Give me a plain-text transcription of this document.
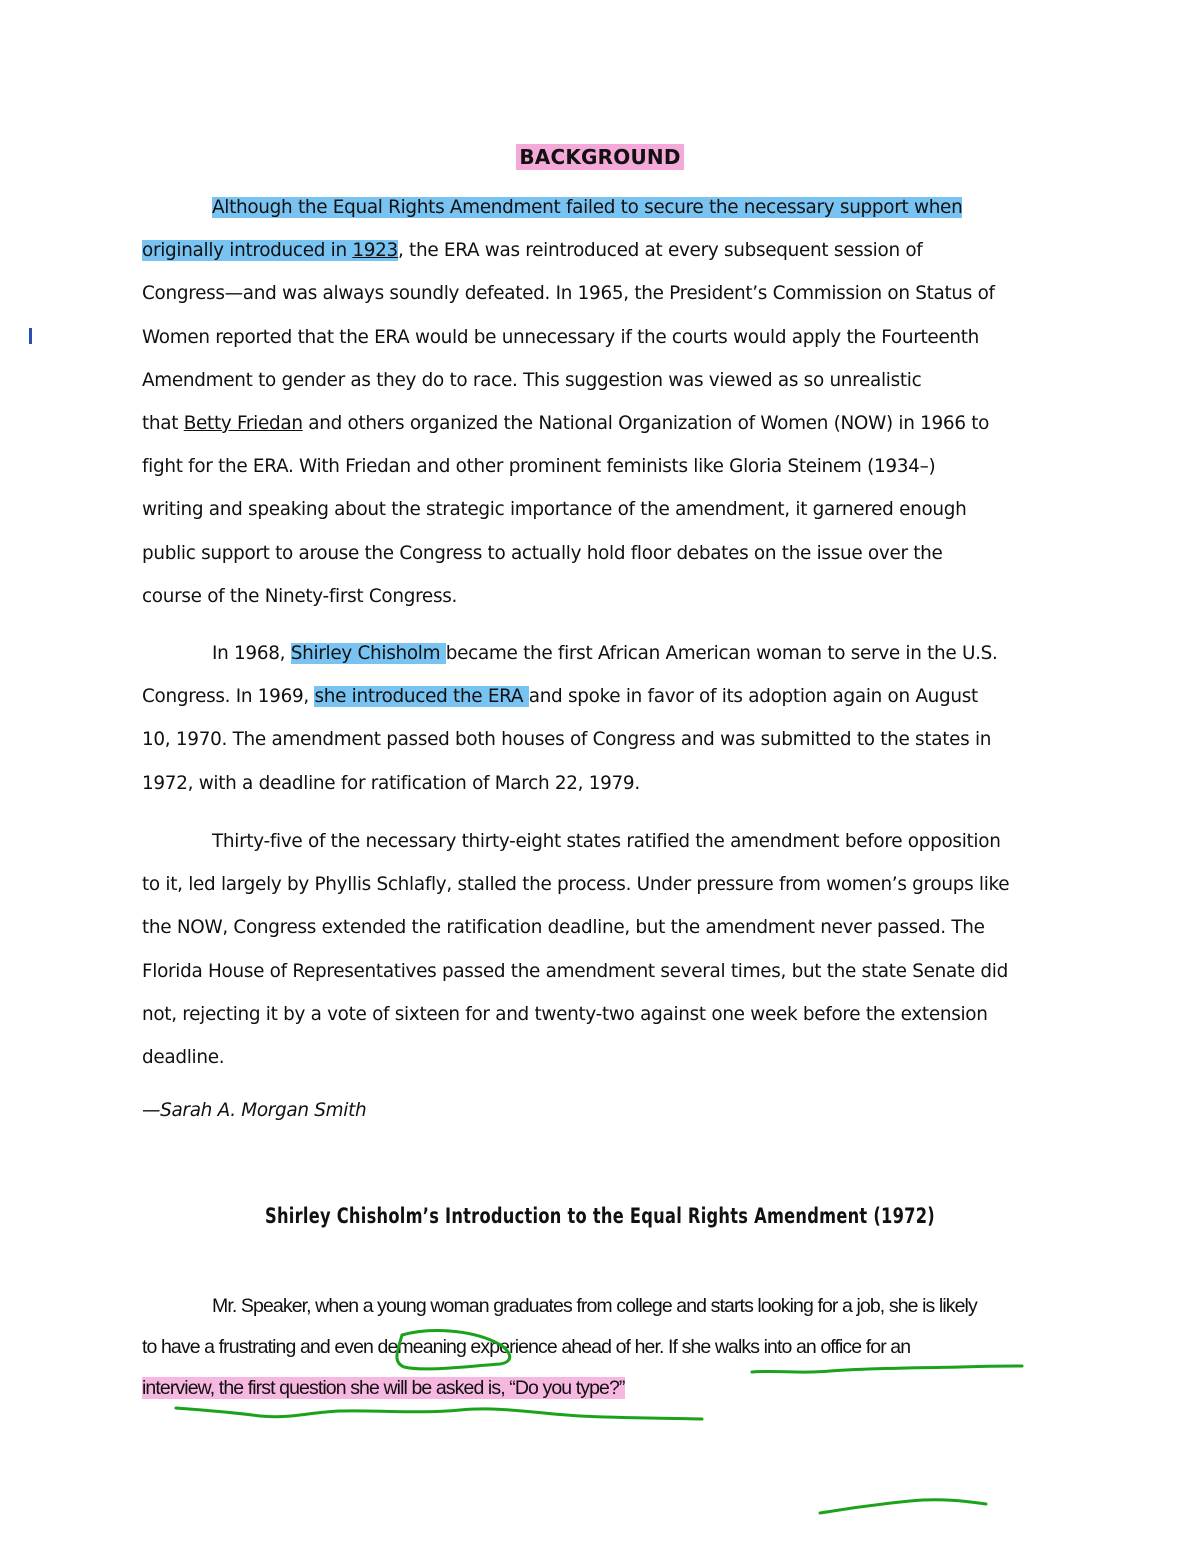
BACKGROUND
Although the Equal Rights Amendment failed to secure the necessary support when
originally introduced in 1923, the ERA was reintroduced at every subsequent session of
Congress—and was always soundly defeated. In 1965, the President’s Commission on Status of
Women reported that the ERA would be unnecessary if the courts would apply the Fourteenth
Amendment to gender as they do to race. This suggestion was viewed as so unrealistic
that Betty Friedan and others organized the National Organization of Women (NOW) in 1966 to
fight for the ERA. With Friedan and other prominent feminists like Gloria Steinem (1934–)
writing and speaking about the strategic importance of the amendment, it garnered enough
public support to arouse the Congress to actually hold floor debates on the issue over the
course of the Ninety-first Congress.
In 1968, Shirley Chisholm became the first African American woman to serve in the U.S.
Congress. In 1969, she introduced the ERA and spoke in favor of its adoption again on August
10, 1970. The amendment passed both houses of Congress and was submitted to the states in
1972, with a deadline for ratification of March 22, 1979.
Thirty-five of the necessary thirty-eight states ratified the amendment before opposition
to it, led largely by Phyllis Schlafly, stalled the process. Under pressure from women’s groups like
the NOW, Congress extended the ratification deadline, but the amendment never passed. The
Florida House of Representatives passed the amendment several times, but the state Senate did
not, rejecting it by a vote of sixteen for and twenty-two against one week before the extension
deadline.
—Sarah A. Morgan Smith
Shirley Chisholm’s Introduction to the Equal Rights Amendment (1972)
Mr. Speaker, when a young woman graduates from college and starts looking for a job, she is likely
to have a frustrating and even demeaning experience ahead of her. If she walks into an office for an
interview, the first question she will be asked is, “Do you type?”
